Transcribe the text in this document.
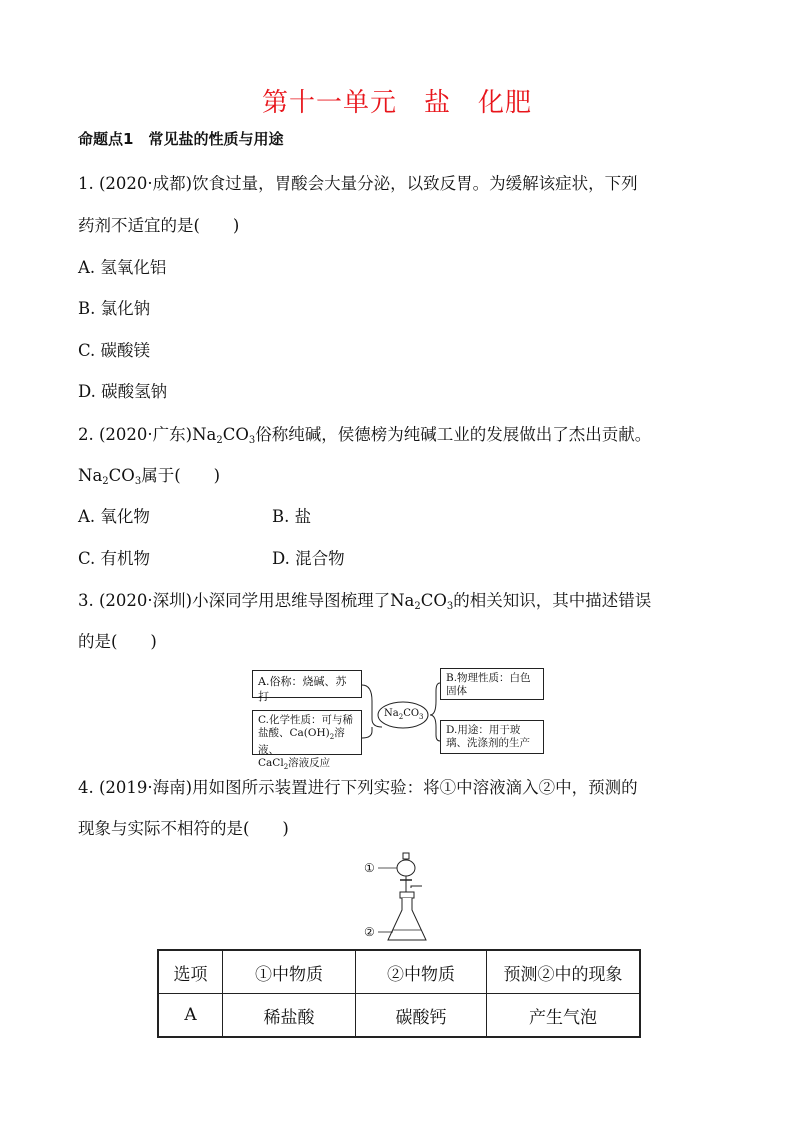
第十一单元　盐　化肥
命题点1　常见盐的性质与用途
1. (2020·成都)饮食过量，胃酸会大量分泌，以致反胃。为缓解该症状，下列
药剂不适宜的是(　　)
A. 氢氧化铝
B. 氯化钠
C. 碳酸镁
D. 碳酸氢钠
2. (2020·广东)$Na_2CO_3$俗称纯碱，侯德榜为纯碱工业的发展做出了杰出贡献。
$Na_2CO_3$属于(　　)
A. 氧化物	B. 盐
C. 有机物	D. 混合物
3. (2020·深圳)小深同学用思维导图梳理了$Na_2CO_3$的相关知识，其中描述错误
的是(　　)
A.俗称：烧碱、苏打
C.化学性质：可与稀
盐酸、$Ca(OH)_2$溶液、
CaCl$_2$溶液反应
$Na_2CO_3$
B.物理性质：白色固体
D.用途：用于玻璃、洗涤剂的生产
4. (2019·海南)用如图所示装置进行下列实验：将①中溶液滴入②中，预测的
现象与实际不相符的是(　　)
①
②
选项	①中物质	②中物质	预测②中的现象
A	稀盐酸	碳酸钙	产生气泡
